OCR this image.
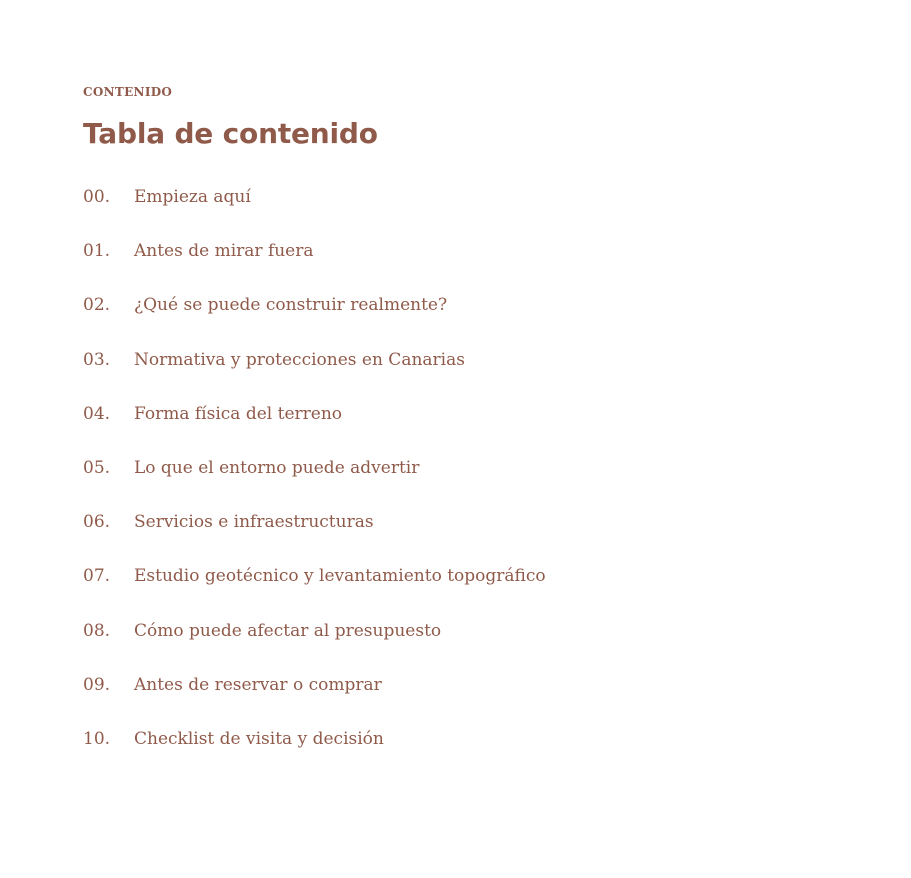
CONTENIDO

Tabla de contenido
00.	Empieza aquí
01.	Antes de mirar fuera
02.	¿Qué se puede construir realmente?
03.	Normativa y protecciones en Canarias
04.	Forma física del terreno
05.	Lo que el entorno puede advertir
06.	Servicios e infraestructuras
07.	Estudio geotécnico y levantamiento topográfico
08.	Cómo puede afectar al presupuesto
09.	Antes de reservar o comprar
10.	Checklist de visita y decisión
